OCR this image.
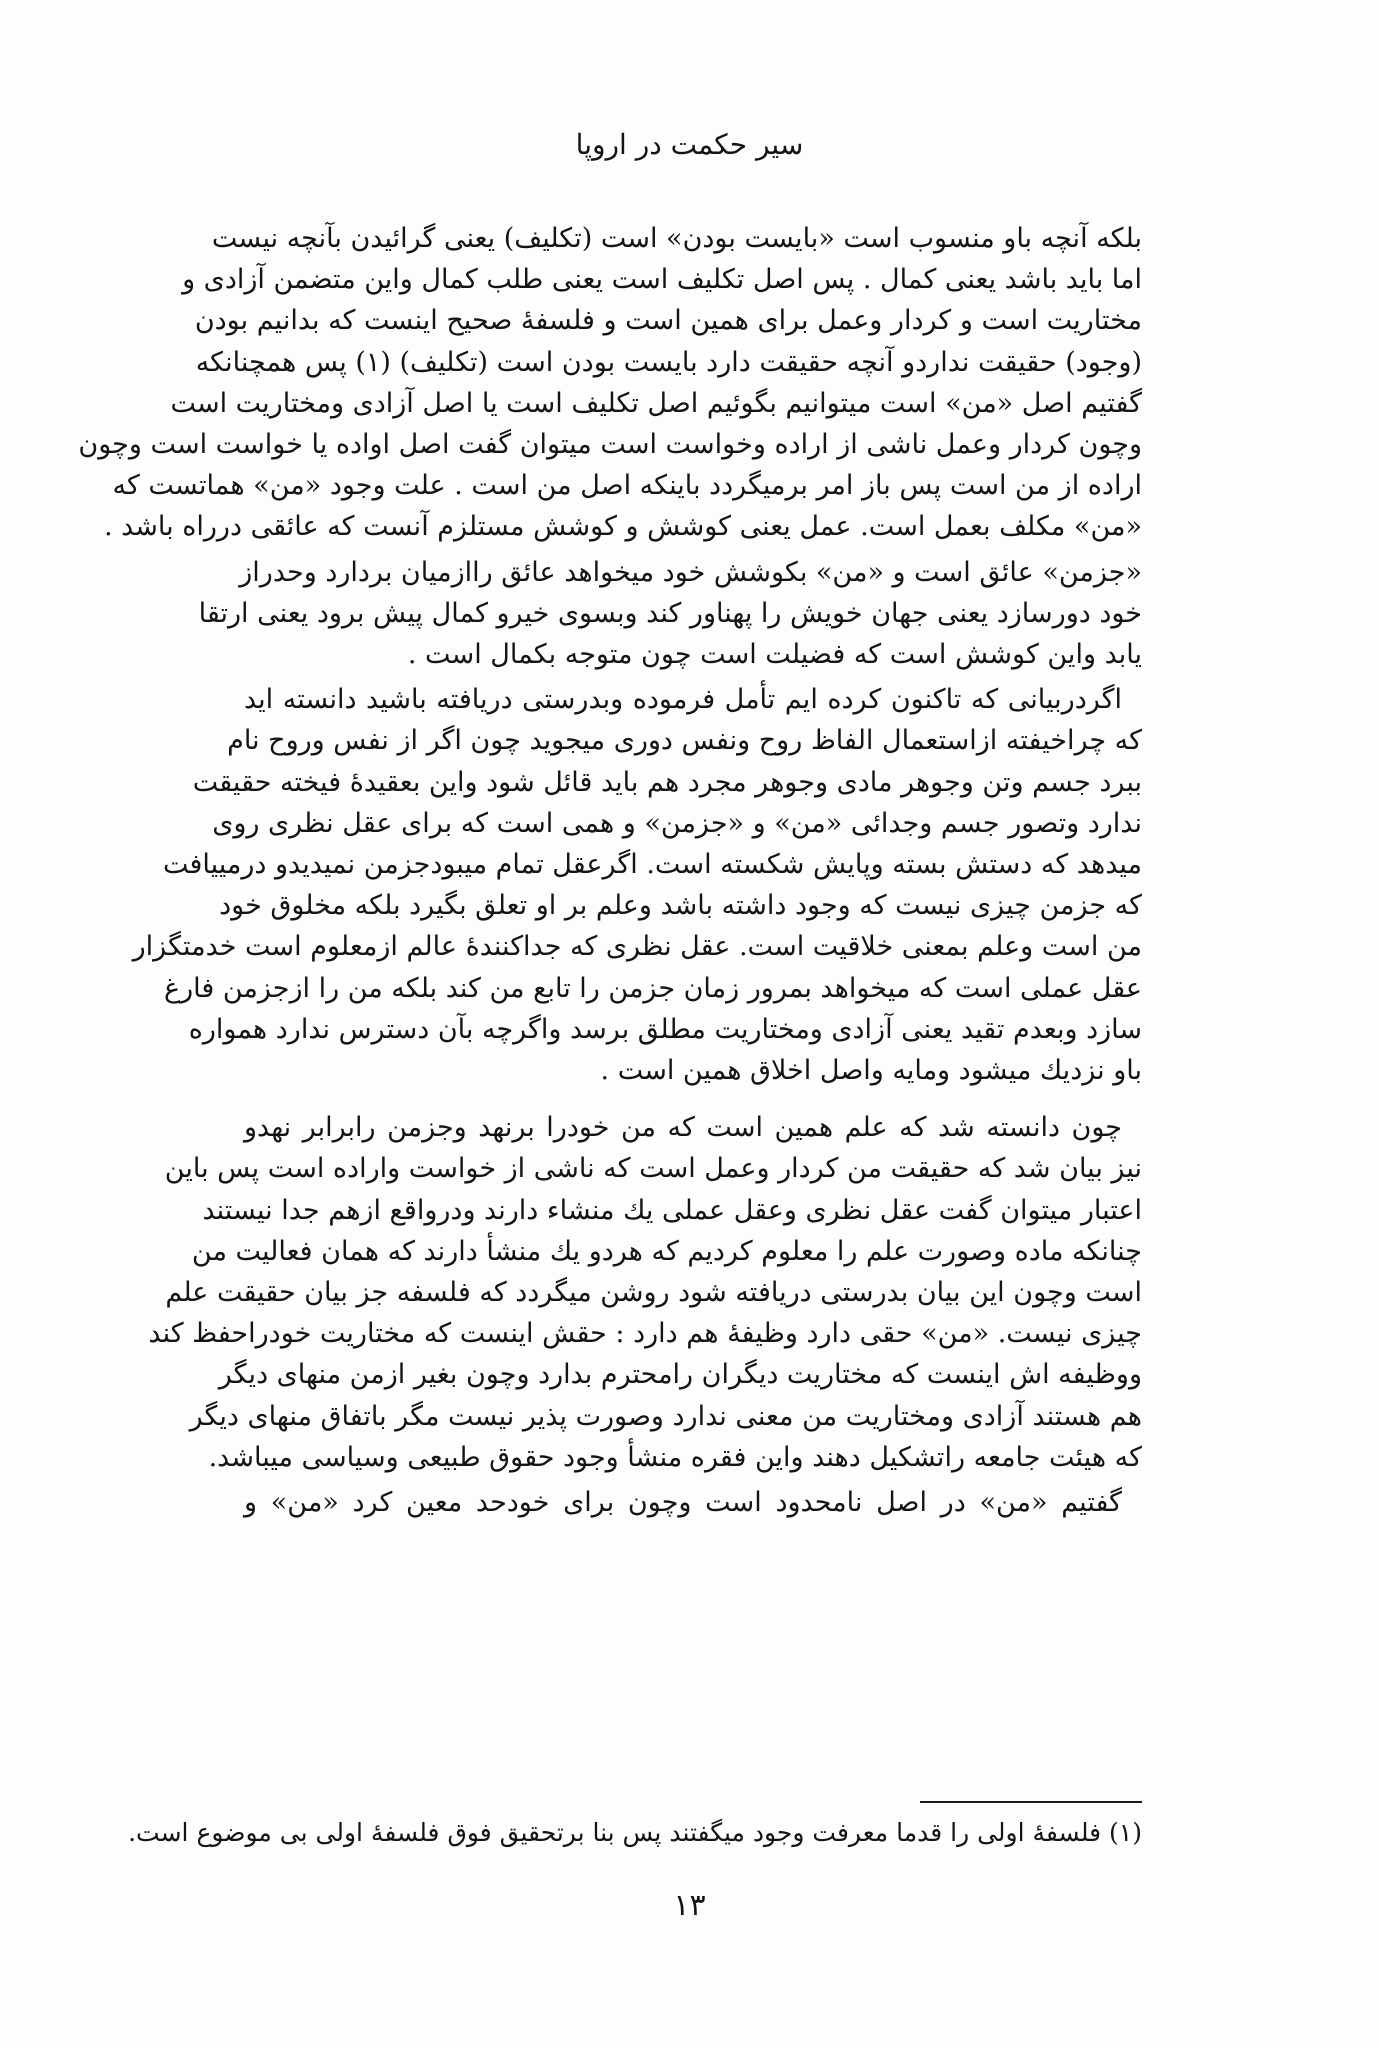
سیر حکمت در اروپا
بلکه آنچه باو منسوب است «بایست بودن» است (تکلیف) یعنی گرائیدن بآنچه نیست
اما باید باشد یعنی کمال . پس اصل تکلیف است یعنی طلب کمال واین متضمن آزادی و
مختاریت است و کردار وعمل برای همین است و فلسفهٔ صحیح اینست که بدانیم بودن
(وجود) حقیقت نداردو آنچه حقیقت دارد بایست بودن است (تکلیف) (۱) پس همچنانکه
گفتیم اصل «من» است میتوانیم بگوئیم اصل تکلیف است یا اصل آزادی ومختاریت است
وچون کردار وعمل ناشی از اراده وخواست است میتوان گفت اصل اواده یا خواست است وچون
اراده از من است پس باز امر برمیگردد باینکه اصل من است . علت وجود «من» هماتست که
«من» مکلف بعمل است. عمل یعنی کوشش و کوشش مستلزم آنست که عائقی درراه باشد .
«جزمن» عائق است و «من» بکوشش خود میخواهد عائق راازمیان بردارد وحدراز
خود دورسازد یعنی جهان خویش را پهناور کند وبسوی خیرو کمال پیش برود یعنی ارتقا
یابد واین کوشش است که فضیلت است چون متوجه بکمال است .
اگردربیانی که تاکنون کرده ایم تأمل فرموده وبدرستی دریافته باشید دانسته اید
که چراخیفته ازاستعمال الفاظ روح ونفس دوری میجوید چون اگر از نفس وروح نام
ببرد جسم وتن وجوهر مادی وجوهر مجرد هم باید قائل شود واین بعقیدهٔ فیخته حقیقت
ندارد وتصور جسم وجدائی «من» و «جزمن» و همی است که برای عقل نظری روی
میدهد که دستش بسته وپایش شکسته است. اگرعقل تمام میبودجزمن نمیدیدو درمییافت
که جزمن چیزی نیست که وجود داشته باشد وعلم بر او تعلق بگیرد بلکه مخلوق خود
من است وعلم بمعنی خلاقیت است. عقل نظری که جداکنندهٔ عالم ازمعلوم است خدمتگزار
عقل عملی است که میخواهد بمرور زمان جزمن را تابع من کند بلکه من را ازجزمن فارغ
سازد وبعدم تقید یعنی آزادی ومختاریت مطلق برسد واگرچه بآن دسترس ندارد همواره
باو نزدیك میشود ومایه واصل اخلاق همین است .
چون دانسته شد که علم همین است که من خودرا برنهد وجزمن رابرابر نهدو
نیز بیان شد که حقیقت من کردار وعمل است که ناشی از خواست واراده است پس باین
اعتبار میتوان گفت عقل نظری وعقل عملی یك منشاء دارند ودرواقع ازهم جدا نیستند
چنانکه ماده وصورت علم را معلوم کردیم که هردو یك منشأ دارند که همان فعالیت من
است وچون این بیان بدرستی دریافته شود روشن میگردد که فلسفه جز بیان حقیقت علم
چیزی نیست. «من» حقی دارد وظیفهٔ هم دارد : حقش اینست که مختاریت خودراحفظ کند
ووظیفه اش اینست که مختاریت دیگران رامحترم بدارد وچون بغیر ازمن منهای دیگر
هم هستند آزادی ومختاریت من معنی ندارد وصورت پذیر نیست مگر باتفاق منهای دیگر
که هیئت جامعه راتشکیل دهند واین فقره منشأ وجود حقوق طبیعی وسیاسی میباشد.
گفتیم «من» در اصل نامحدود است وچون برای خودحد معین کرد «من» و
(۱) فلسفهٔ اولی را قدما معرفت وجود میگفتند پس بنا برتحقیق فوق فلسفهٔ اولی بی موضوع است.
۱۳
